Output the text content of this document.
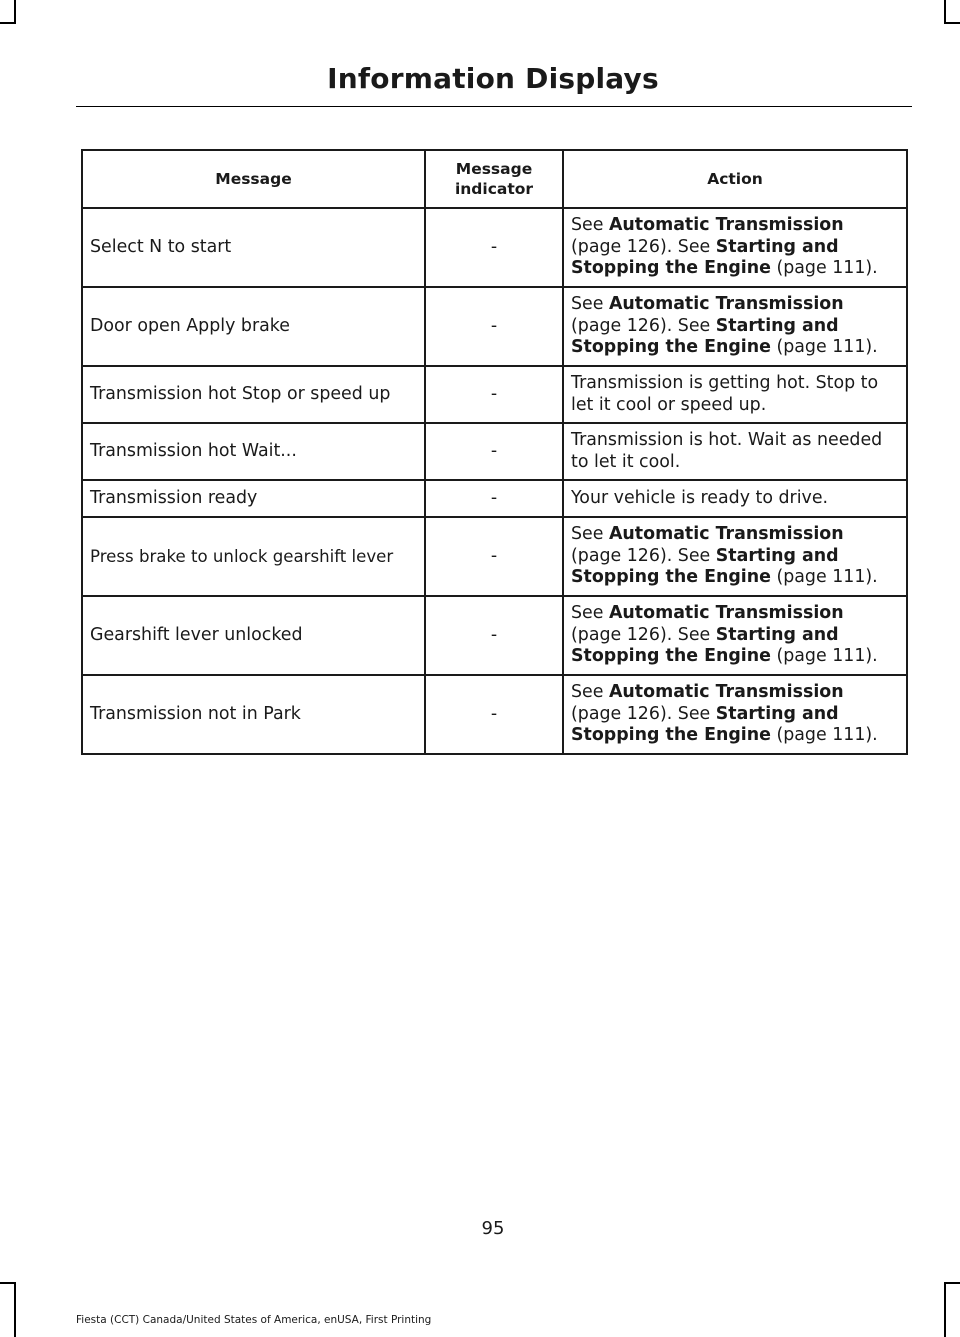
Information Displays
Message	Message indicator	Action
Select N to start	-	See Automatic Transmission (page 126). See Starting and Stopping the Engine (page 111).
Door open Apply brake	-	See Automatic Transmission (page 126). See Starting and Stopping the Engine (page 111).
Transmission hot Stop or speed up	-	Transmission is getting hot. Stop to let it cool or speed up.
Transmission hot Wait...	-	Transmission is hot. Wait as needed to let it cool.
Transmission ready	-	Your vehicle is ready to drive.
Press brake to unlock gearshift lever	-	See Automatic Transmission (page 126). See Starting and Stopping the Engine (page 111).
Gearshift lever unlocked	-	See Automatic Transmission (page 126). See Starting and Stopping the Engine (page 111).
Transmission not in Park	-	See Automatic Transmission (page 126). See Starting and Stopping the Engine (page 111).
95
Fiesta (CCT) Canada/United States of America, enUSA, First Printing
